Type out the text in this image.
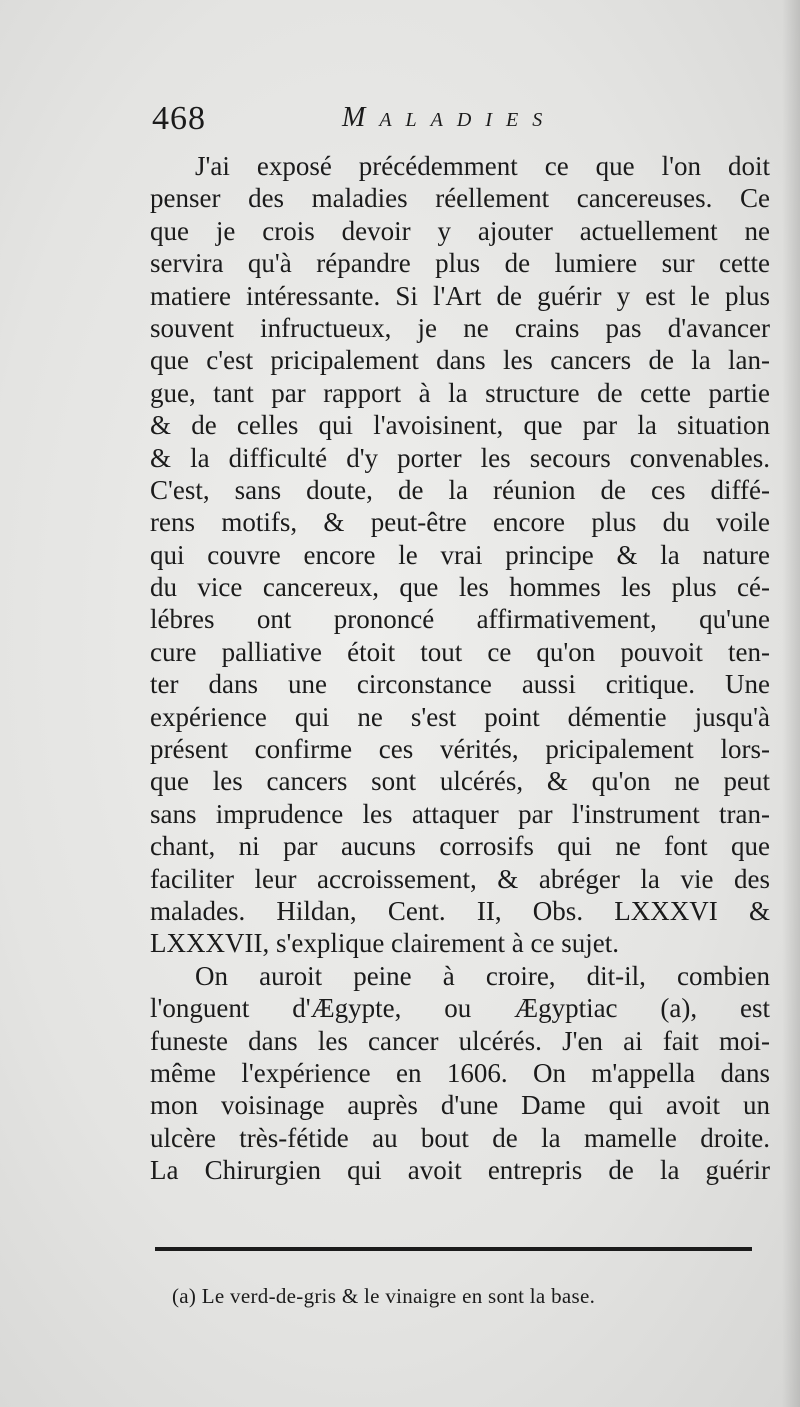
468	Maladies
J'ai exposé précédemment ce que l'on doit
penser des maladies réellement cancereuses. Ce
que je crois devoir y ajouter actuellement ne
servira qu'à répandre plus de lumiere sur cette
matiere intéressante. Si l'Art de guérir y est le plus
souvent infructueux, je ne crains pas d'avancer
que c'est pricipalement dans les cancers de la lan-
gue, tant par rapport à la structure de cette partie
& de celles qui l'avoisinent, que par la situation
& la difficulté d'y porter les secours convenables.
C'est, sans doute, de la réunion de ces diffé-
rens motifs, & peut-être encore plus du voile
qui couvre encore le vrai principe & la nature
du vice cancereux, que les hommes les plus cé-
lébres ont prononcé affirmativement, qu'une
cure palliative étoit tout ce qu'on pouvoit ten-
ter dans une circonstance aussi critique. Une
expérience qui ne s'est point démentie jusqu'à
présent confirme ces vérités, pricipalement lors-
que les cancers sont ulcérés, & qu'on ne peut
sans imprudence les attaquer par l'instrument tran-
chant, ni par aucuns corrosifs qui ne font que
faciliter leur accroissement, & abréger la vie des
malades. Hildan, Cent. II, Obs. LXXXVI &
LXXXVII, s'explique clairement à ce sujet.
On auroit peine à croire, dit-il, combien
l'onguent d'Ægypte, ou Ægyptiac (a), est
funeste dans les cancer ulcérés. J'en ai fait moi-
même l'expérience en 1606. On m'appella dans
mon voisinage auprès d'une Dame qui avoit un
ulcère très-fétide au bout de la mamelle droite.
La Chirurgien qui avoit entrepris de la guérir
(a) Le verd-de-gris & le vinaigre en sont la base.
